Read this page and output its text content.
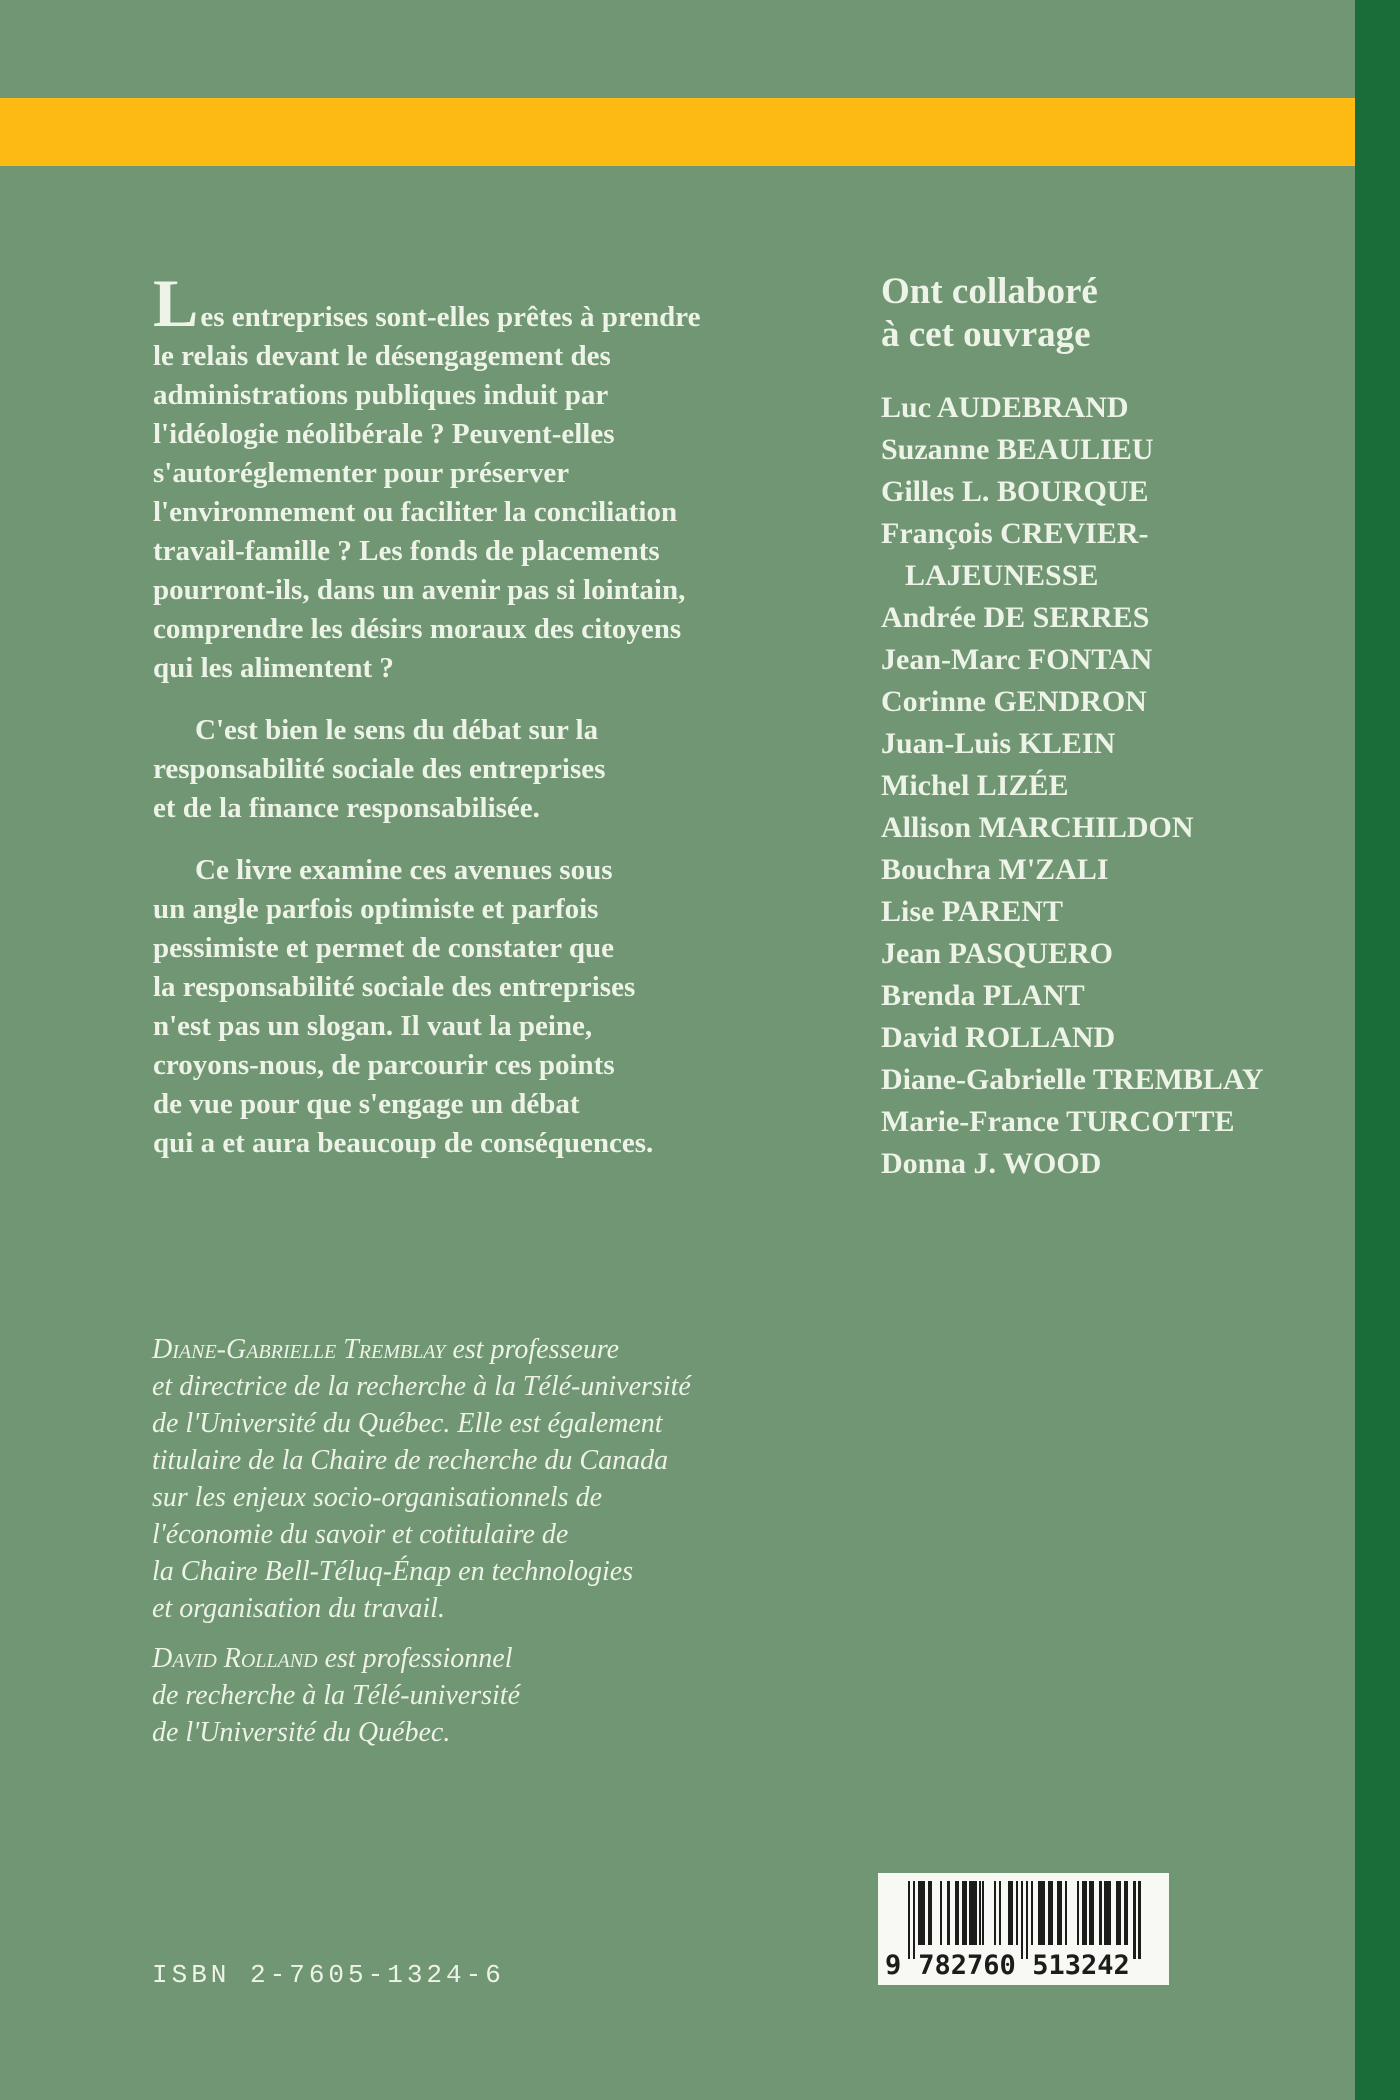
Les entreprises sont-elles prêtes à prendre
le relais devant le désengagement des
administrations publiques induit par
l'idéologie néolibérale ? Peuvent-elles
s'autoréglementer pour préserver
l'environnement ou faciliter la conciliation
travail-famille ? Les fonds de placements
pourront-ils, dans un avenir pas si lointain,
comprendre les désirs moraux des citoyens
qui les alimentent ?
C'est bien le sens du débat sur la
responsabilité sociale des entreprises
et de la finance responsabilisée.
Ce livre examine ces avenues sous
un angle parfois optimiste et parfois
pessimiste et permet de constater que
la responsabilité sociale des entreprises
n'est pas un slogan. Il vaut la peine,
croyons-nous, de parcourir ces points
de vue pour que s'engage un débat
qui a et aura beaucoup de conséquences.
Ont collaboré
à cet ouvrage
Luc AUDEBRAND
Suzanne BEAULIEU
Gilles L. BOURQUE
François CREVIER-
LAJEUNESSE
Andrée DE SERRES
Jean-Marc FONTAN
Corinne GENDRON
Juan-Luis KLEIN
Michel LIZÉE
Allison MARCHILDON
Bouchra M'ZALI
Lise PARENT
Jean PASQUERO
Brenda PLANT
David ROLLAND
Diane-Gabrielle TREMBLAY
Marie-France TURCOTTE
Donna J. WOOD
Diane-Gabrielle Tremblay est professeure
et directrice de la recherche à la Télé-université
de l'Université du Québec. Elle est également
titulaire de la Chaire de recherche du Canada
sur les enjeux socio-organisationnels de
l'économie du savoir et cotitulaire de
la Chaire Bell-Téluq-Énap en technologies
et organisation du travail.
David Rolland est professionnel
de recherche à la Télé-université
de l'Université du Québec.
ISBN 2-7605-1324-6	9 782760 513242
